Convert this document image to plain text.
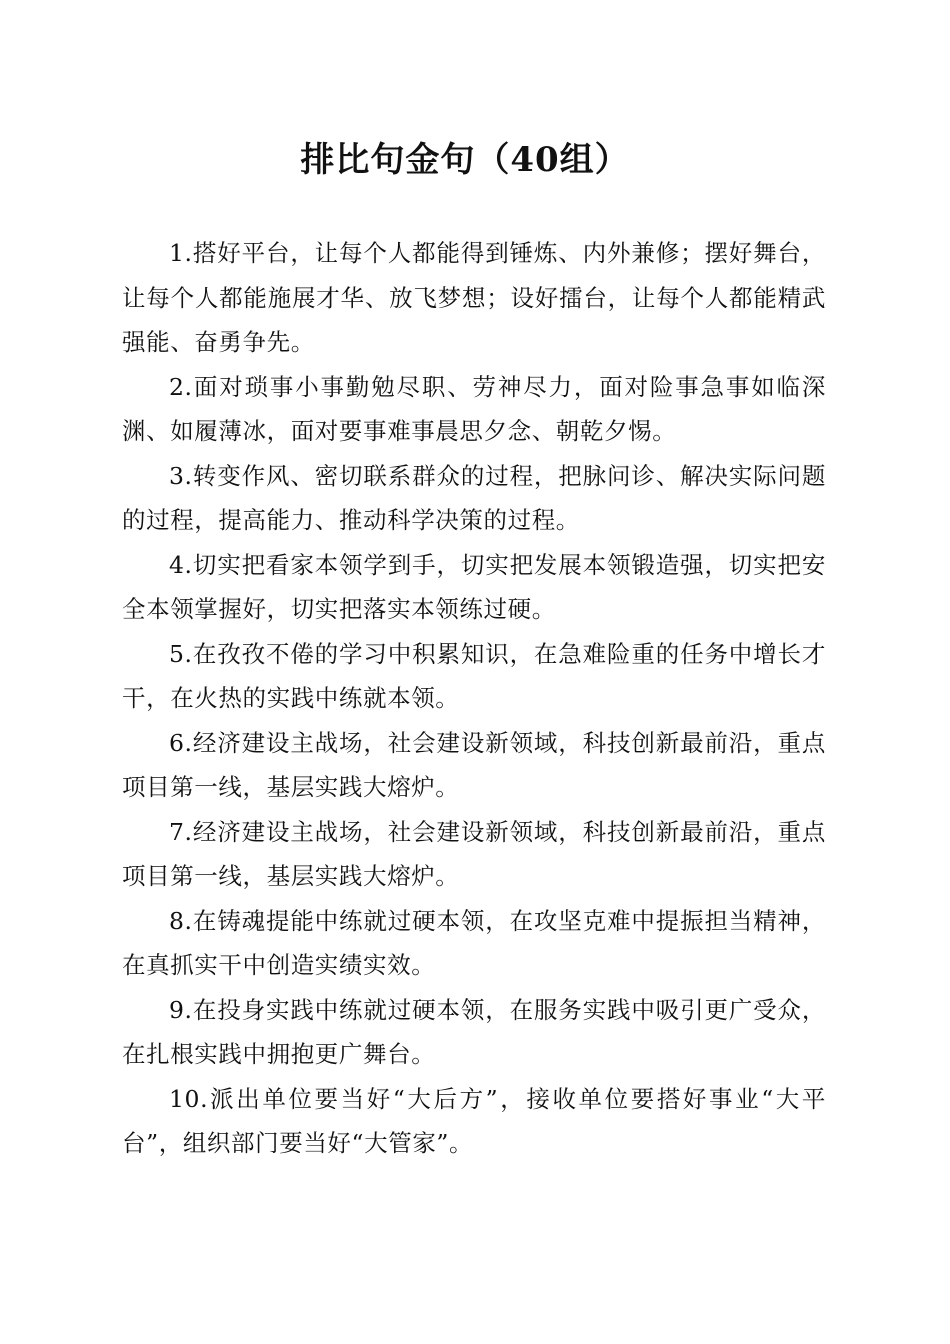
排比句金句（40组）

1.搭好平台，让每个人都能得到锤炼、内外兼修；摆好舞台，让每个人都能施展才华、放飞梦想；设好擂台，让每个人都能精武强能、奋勇争先。

2.面对琐事小事勤勉尽职、劳神尽力，面对险事急事如临深渊、如履薄冰，面对要事难事晨思夕念、朝乾夕惕。

3.转变作风、密切联系群众的过程，把脉问诊、解决实际问题的过程，提高能力、推动科学决策的过程。

4.切实把看家本领学到手，切实把发展本领锻造强，切实把安全本领掌握好，切实把落实本领练过硬。

5.在孜孜不倦的学习中积累知识，在急难险重的任务中增长才干，在火热的实践中练就本领。

6.经济建设主战场，社会建设新领域，科技创新最前沿，重点项目第一线，基层实践大熔炉。

7.经济建设主战场，社会建设新领域，科技创新最前沿，重点项目第一线，基层实践大熔炉。

8.在铸魂提能中练就过硬本领，在攻坚克难中提振担当精神，在真抓实干中创造实绩实效。

9.在投身实践中练就过硬本领，在服务实践中吸引更广受众，在扎根实践中拥抱更广舞台。

10.派出单位要当好“大后方”，接收单位要搭好事业“大平台”，组织部门要当好“大管家”。
